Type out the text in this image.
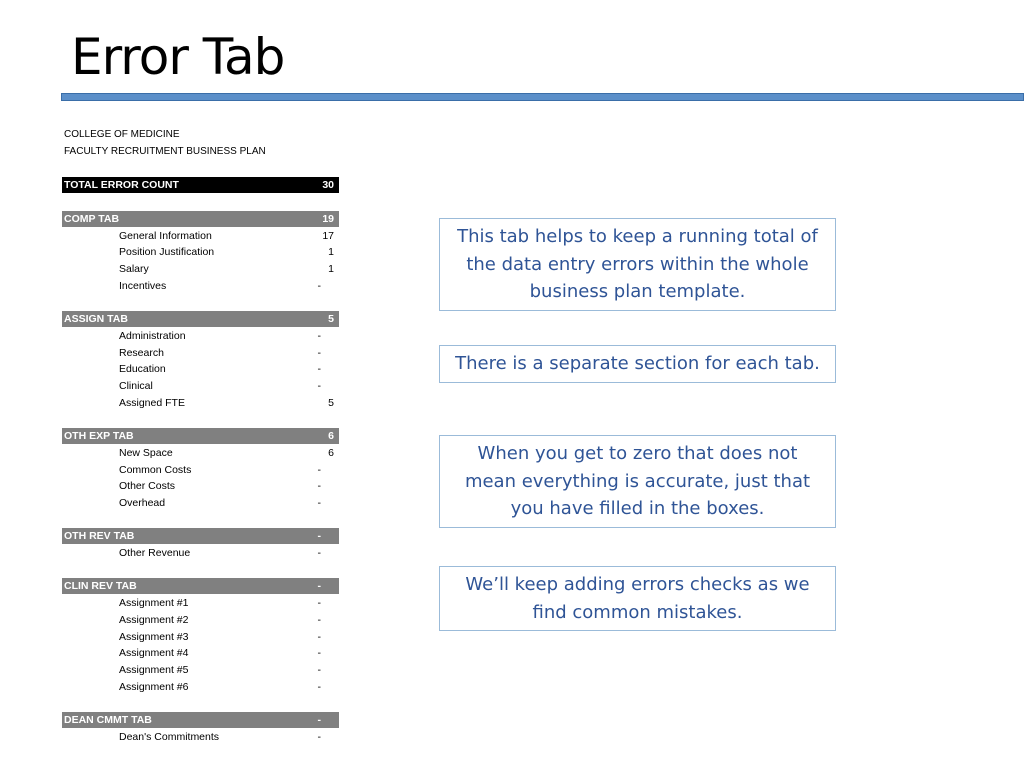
Error Tab
COLLEGE OF MEDICINE
FACULTY RECRUITMENT BUSINESS PLAN
TOTAL ERROR COUNT	30
COMP TAB	19
General Information	17
Position Justification	1
Salary	1
Incentives	-
ASSIGN TAB	5
Administration	-
Research	-
Education	-
Clinical	-
Assigned FTE	5
OTH EXP TAB	6
New Space	6
Common Costs	-
Other Costs	-
Overhead	-
OTH REV TAB	-
Other Revenue	-
CLIN REV TAB	-
Assignment #1	-
Assignment #2	-
Assignment #3	-
Assignment #4	-
Assignment #5	-
Assignment #6	-
DEAN CMMT TAB	-
Dean's Commitments	-
This tab helps to keep a running total of the data entry errors within the whole business plan template.
There is a separate section for each tab.
When you get to zero that does not mean everything is accurate, just that you have filled in the boxes.
We’ll keep adding errors checks as we find common mistakes.
